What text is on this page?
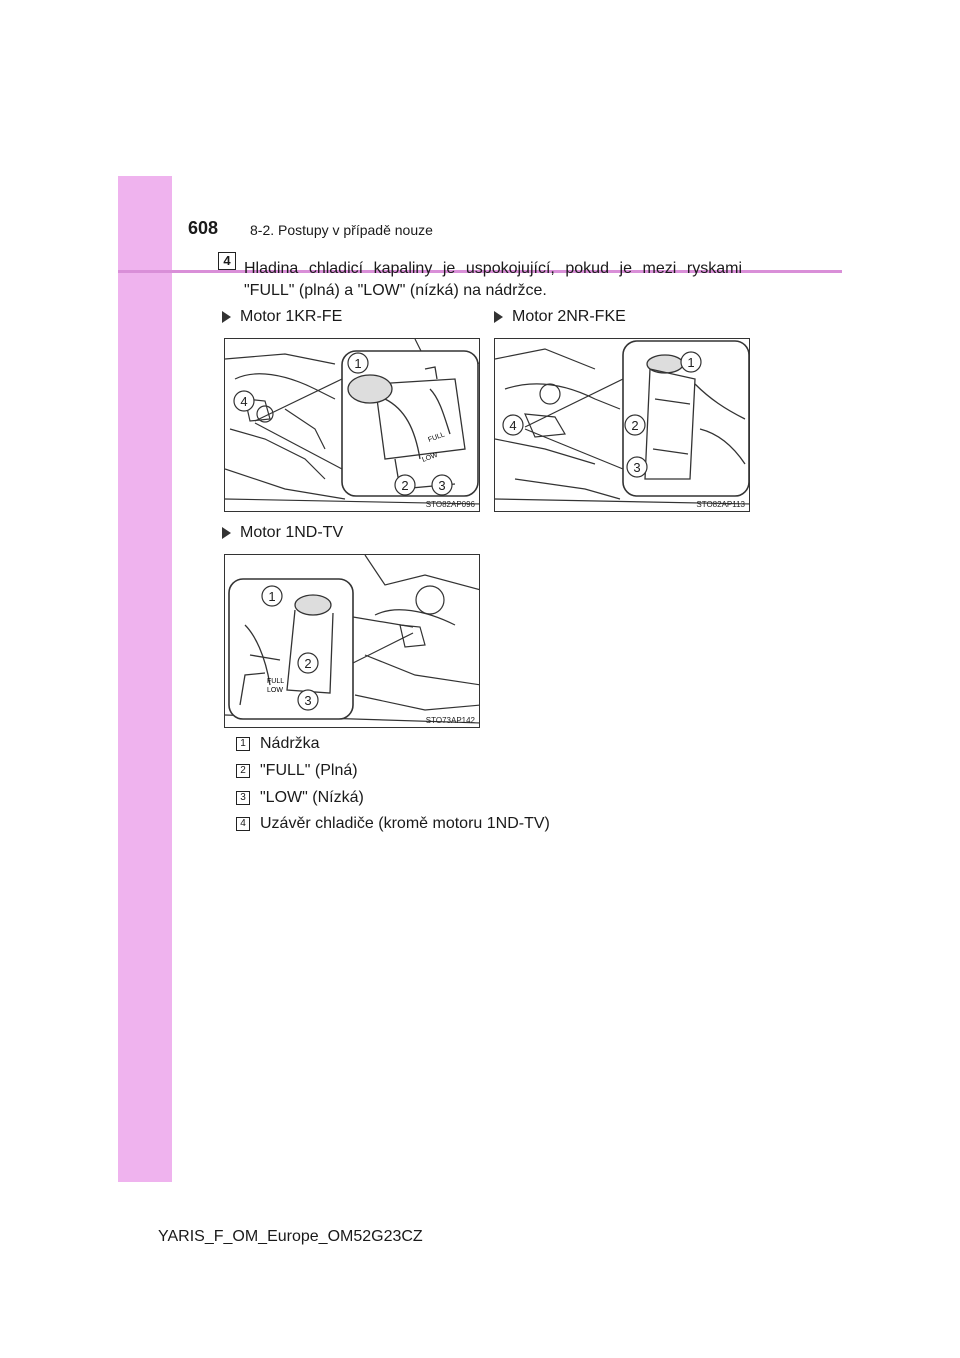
608 8-2. Postupy v případě nouze
4 Hladina chladicí kapaliny je uspokojující, pokud je mezi ryskami "FULL" (plná) a "LOW" (nízká) na nádržce.
Motor 1KR-FE	Motor 2NR-FKE
Motor 1ND-TV
FULL
LOW
1
2 3
4
STO82AP096
1
2
3
4
STO82AP113
FULL
LOW
1
2
3
STO73AP142
1 Nádržka
2 "FULL" (Plná)
3 "LOW" (Nízká)
4 Uzávěr chladiče (kromě motoru 1ND-TV)
YARIS_F_OM_Europe_OM52G23CZ
